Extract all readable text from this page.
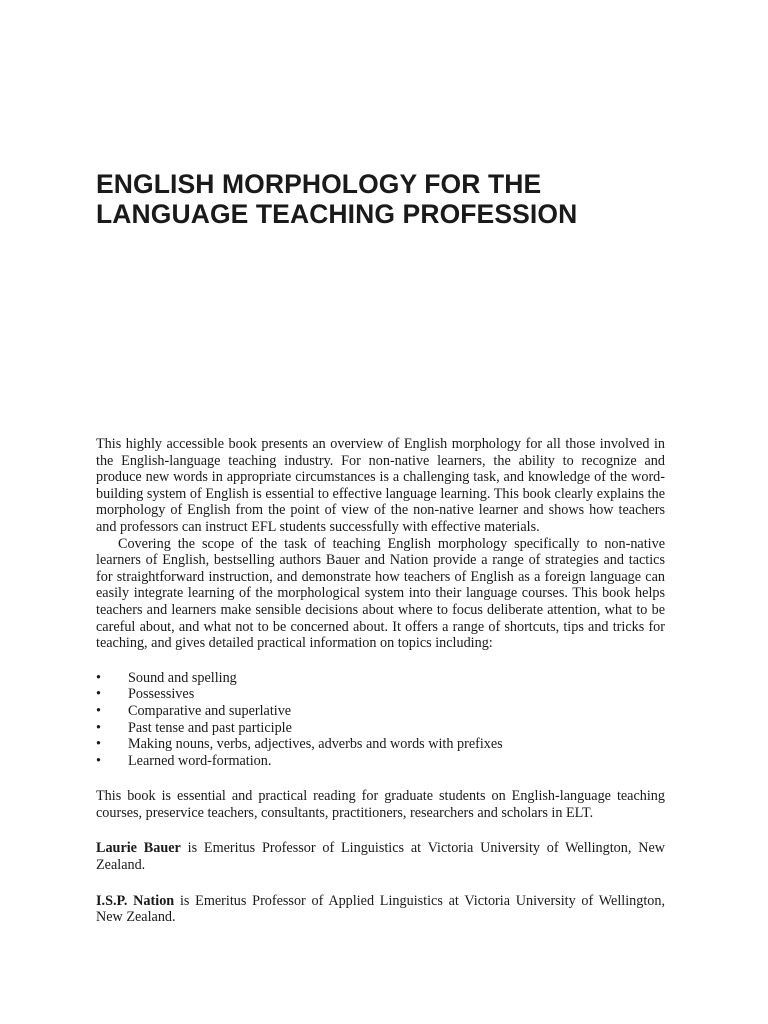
ENGLISH MORPHOLOGY FOR THE
LANGUAGE TEACHING PROFESSION

This highly accessible book presents an overview of English morphology for all those involved in the English-language teaching industry. For non-native learners, the ability to recognize and produce new words in appropriate circumstances is a challenging task, and knowledge of the word-building system of English is essential to effective language learning. This book clearly explains the morphology of English from the point of view of the non-native learner and shows how teachers and professors can instruct EFL students successfully with effective materials.

Covering the scope of the task of teaching English morphology specifically to non-native learners of English, bestselling authors Bauer and Nation provide a range of strategies and tactics for straightforward instruction, and demonstrate how teachers of English as a foreign language can easily integrate learning of the morphological system into their language courses. This book helps teachers and learners make sensible decisions about where to focus deliberate attention, what to be careful about, and what not to be concerned about. It offers a range of shortcuts, tips and tricks for teaching, and gives detailed practical information on topics including:

• Sound and spelling
• Possessives
• Comparative and superlative
• Past tense and past participle
• Making nouns, verbs, adjectives, adverbs and words with prefixes
• Learned word-formation.

This book is essential and practical reading for graduate students on English-language teaching courses, preservice teachers, consultants, practitioners, researchers and scholars in ELT.

Laurie Bauer is Emeritus Professor of Linguistics at Victoria University of Wellington, New Zealand.

I.S.P. Nation is Emeritus Professor of Applied Linguistics at Victoria University of Wellington, New Zealand.
